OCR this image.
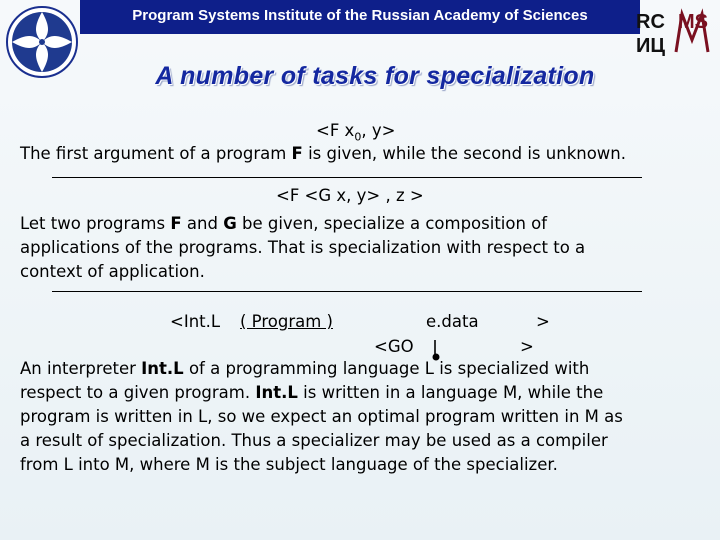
Program Systems Institute of the Russian Academy of Sciences	RC MS
ИЦ
A number of tasks for specialization
<F $x_0$, y>
The first argument of a program F is given, while the second is unknown.
<F <G x, y> , z >
Let two programs F and G be given, specialize a composition of
applications of the programs. That is specialization with respect to a
context of application.
<Int.L ( Program )	e.data	>
<GO	>
An interpreter Int.L of a programming language L is specialized with
respect to a given program. Int.L is written in a language M, while the
program is written in L, so we expect an optimal program written in M as
a result of specialization. Thus a specializer may be used as a compiler
from L into M, where M is the subject language of the specializer.
